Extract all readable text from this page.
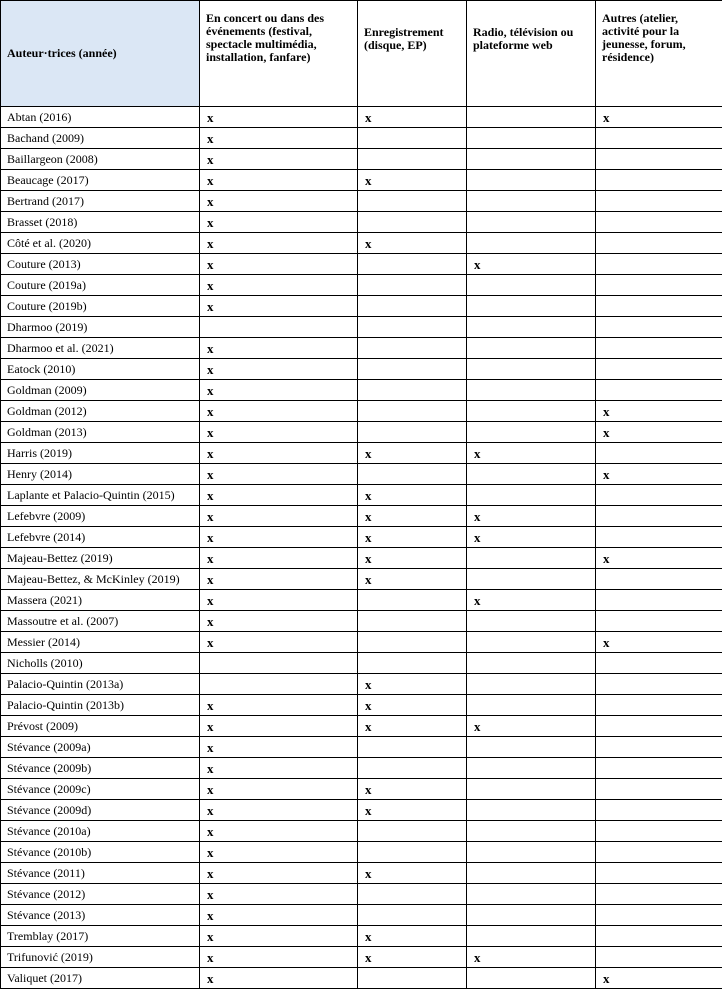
Auteur·trices (année)	En concert ou dans des événements (festival, spectacle multimédia, installation, fanfare)	Enregistrement (disque, EP)	Radio, télévision ou plateforme web	Autres (atelier, activité pour la jeunesse, forum, résidence)
Abtan (2016)	x	x		x
Bachand (2009)	x			
Baillargeon (2008)	x			
Beaucage (2017)	x	x		
Bertrand (2017)	x			
Brasset (2018)	x			
Côté et al. (2020)	x	x		
Couture (2013)	x		x	
Couture (2019a)	x			
Couture (2019b)	x			
Dharmoo (2019)				
Dharmoo et al. (2021)	x			
Eatock (2010)	x			
Goldman (2009)	x			
Goldman (2012)	x			x
Goldman (2013)	x			x
Harris (2019)	x	x	x	
Henry (2014)	x			x
Laplante et Palacio-Quintin (2015)	x	x		
Lefebvre (2009)	x	x	x	
Lefebvre (2014)	x	x	x	
Majeau-Bettez (2019)	x	x		x
Majeau-Bettez, & McKinley (2019)	x	x		
Massera (2021)	x		x	
Massoutre et al. (2007)	x			
Messier (2014)	x			x
Nicholls (2010)				
Palacio-Quintin (2013a)		x		
Palacio-Quintin (2013b)	x	x		
Prévost (2009)	x	x	x	
Stévance (2009a)	x			
Stévance (2009b)	x			
Stévance (2009c)	x	x		
Stévance (2009d)	x	x		
Stévance (2010a)	x			
Stévance (2010b)	x			
Stévance (2011)	x	x		
Stévance (2012)	x			
Stévance (2013)	x			
Tremblay (2017)	x	x		
Trifunović (2019)	x	x	x	
Valiquet (2017)	x			x
